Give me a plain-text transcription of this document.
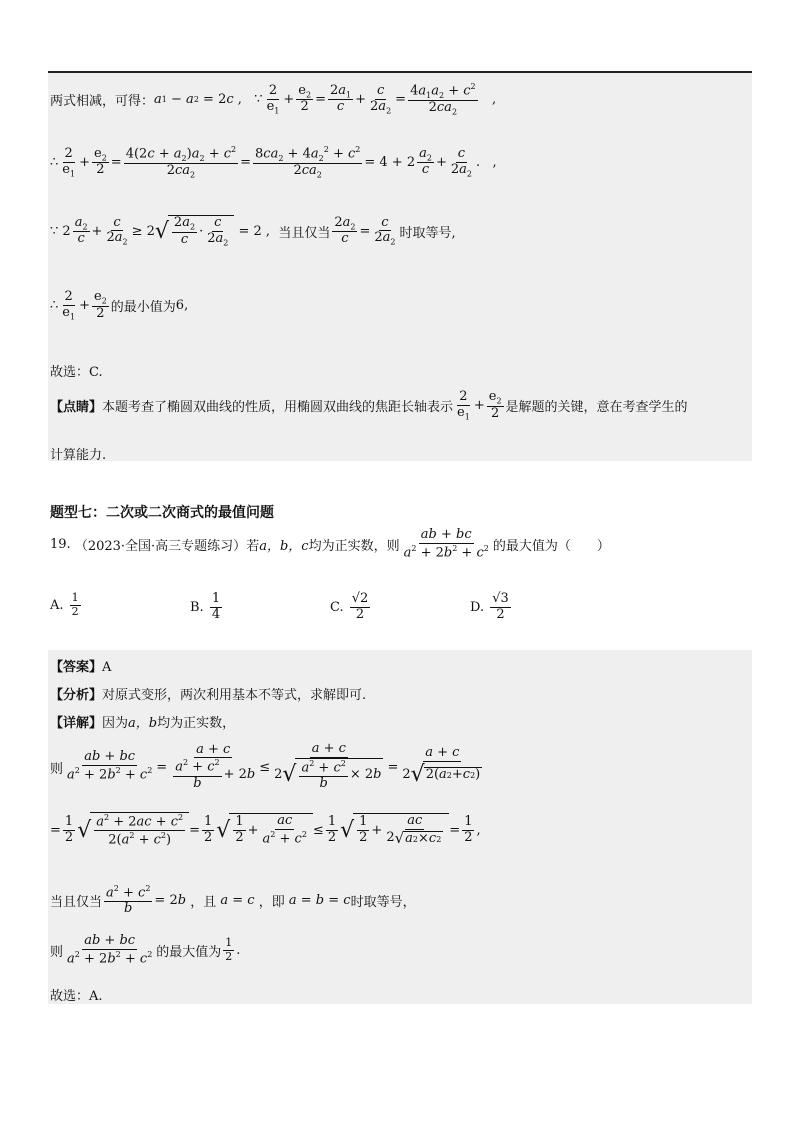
两式相减，可得： a 1 − a 2 = 2 c ,   ∵ $\frac{2}{e_1} + \frac{e_2}{2} = \frac{2a_1}{c} + \frac{c}{2a_2} = \frac{4a_1a_2 + c^2}{2ca_2}$ ,
∴ $\frac{2}{e_1} + \frac{e_2}{2} = \frac{4(2c + a_2)a_2 + c^2}{2ca_2} = \frac{8ca_2 + 4a_2^2 + c^2}{2ca_2} = 4 + 2 \frac{a_2}{c} + \frac{c}{2a_2}$ .   ,
∵ $2 \frac{a_2}{c} + \frac{c}{2a_2} \ge 2$ √ $\frac{2a_2}{c} \cdot \frac{c}{2a_2} = 2$ , 当且仅当 $\frac{2a_2}{c} = \frac{c}{2a_2}$ 时取等号,
∴ $\frac{2}{e_1} + \frac{e_2}{2}$ 的最小值为 6 ,
故选：C.
【点睛】 本题考查了椭圆双曲线的性质，用椭圆双曲线的焦距长轴表示 $\frac{2}{e_1} + \frac{e_2}{2}$ 是解题的关键，意在考查学生的
计算能力.
题型七：二次或二次商式的最值问题
19.
（2023·全国·高三专题练习） 若 a，b，c 均为正实数，则 $\frac{ab + bc}{a^2 + 2b^2 + c^2}$ 的最大值为（　　）
A.
$\frac{1}{2}$	B.
$\frac{1}{4}$	C.
$\frac{√2}{2}$	D.
$\frac{√3}{2}$
【答案】A
【分析】对原式变形，两次利用基本不等式，求解即可.
【详解】因为a，b均为正实数，
则 $\frac{ab + bc}{a^2 + 2b^2 + c^2} = \frac{a + c}{\frac{a^2 + c^2}{b} + 2 b} \le \frac{a + c}{2 √ \frac{a^2 + c^2}{b} \times 2 b} = \frac{a + c}{2 √ 2( a 2 + c 2 )}$
= $\frac{1}{2}$ √ $\frac{a^2 + 2ac + c^2}{2(a^2 + c^2)} = \frac{1}{2}$ √ $\frac{1}{2} + \frac{ac}{a^2 + c^2} \le \frac{1}{2}$ √ $\frac{1}{2} + \frac{ac}{2 √ a 2 \times c 2} = \frac{1}{2}$ ,
当且仅当 $\frac{a^2 + c^2}{b} = 2$ b
，且
a = c
，即
a = b = c 时取等号，
则 $\frac{ab + bc}{a^2 + 2b^2 + c^2}$ 的最大值为 $\frac{1}{2}$ .
故选：A.
